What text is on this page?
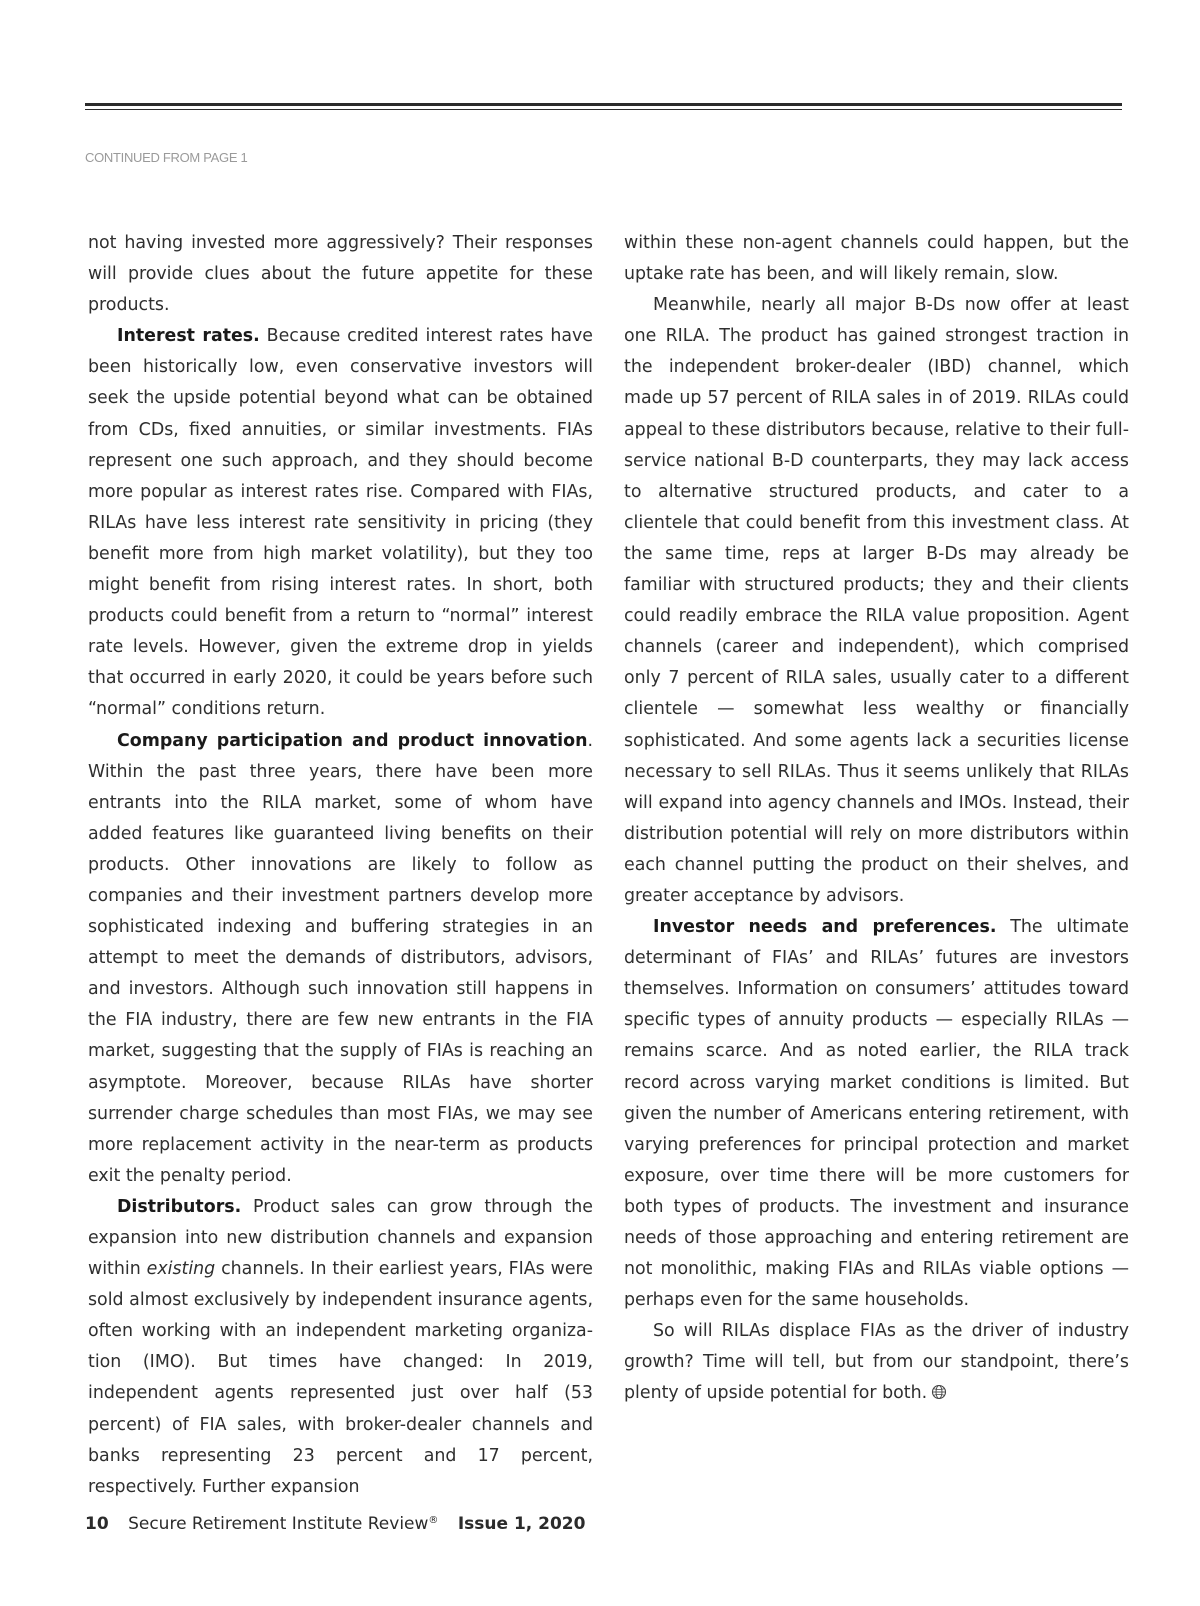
CONTINUED FROM PAGE 1

not having invested more aggressively? Their responses will provide clues about the future appetite for these products.

Interest rates. Because credited interest rates have been historically low, even conservative investors will seek the upside potential beyond what can be obtained from CDs, fixed annuities, or similar investments. FIAs represent one such approach, and they should become more popular as interest rates rise. Compared with FIAs, RILAs have less interest rate sensitivity in pricing (they benefit more from high market volatility), but they too might benefit from rising interest rates. In short, both products could benefit from a return to “normal” interest rate levels. However, given the extreme drop in yields that occurred in early 2020, it could be years before such “normal” conditions return.

Company participation and product innovation. Within the past three years, there have been more entrants into the RILA market, some of whom have added features like guaranteed living benefits on their products. Other innovations are likely to follow as companies and their investment partners develop more sophisticated indexing and buffering strategies in an attempt to meet the demands of distributors, advisors, and investors. Although such innovation still happens in the FIA industry, there are few new entrants in the FIA market, suggesting that the supply of FIAs is reaching an asymptote. Moreover, because RILAs have shorter surrender charge schedules than most FIAs, we may see more replacement activity in the near-term as products exit the penalty period.

Distributors. Product sales can grow through the expansion into new distribution channels and expansion within existing channels. In their earliest years, FIAs were sold almost exclusively by independent insurance agents, often working with an independent marketing organization (IMO). But times have changed: In 2019, independent agents represented just over half (53 percent) of FIA sales, with broker-dealer channels and banks representing 23 percent and 17 percent, respectively. Further expansion

within these non-agent channels could happen, but the uptake rate has been, and will likely remain, slow.

Meanwhile, nearly all major B-Ds now offer at least one RILA. The product has gained strongest traction in the independent broker-dealer (IBD) channel, which made up 57 percent of RILA sales in of 2019. RILAs could appeal to these distributors because, relative to their full-service national B-D counterparts, they may lack access to alternative structured products, and cater to a clientele that could benefit from this investment class. At the same time, reps at larger B-Ds may already be familiar with structured products; they and their clients could readily embrace the RILA value proposition. Agent channels (career and independent), which comprised only 7 percent of RILA sales, usually cater to a different clientele — somewhat less wealthy or financially sophisticated. And some agents lack a securities license necessary to sell RILAs. Thus it seems unlikely that RILAs will expand into agency channels and IMOs. Instead, their distribution potential will rely on more distributors within each channel putting the product on their shelves, and greater acceptance by advisors.

Investor needs and preferences. The ultimate determinant of FIAs’ and RILAs’ futures are investors themselves. Information on consumers’ attitudes toward specific types of annuity products — especially RILAs — remains scarce. And as noted earlier, the RILA track record across varying market conditions is limited. But given the number of Americans entering retirement, with varying preferences for principal protection and market exposure, over time there will be more customers for both types of products. The investment and insurance needs of those approaching and entering retirement are not monolithic, making FIAs and RILAs viable options — perhaps even for the same households.

So will RILAs displace FIAs as the driver of industry growth? Time will tell, but from our standpoint, there’s plenty of upside potential for both.

10 Secure Retirement Institute Review® Issue 1, 2020
